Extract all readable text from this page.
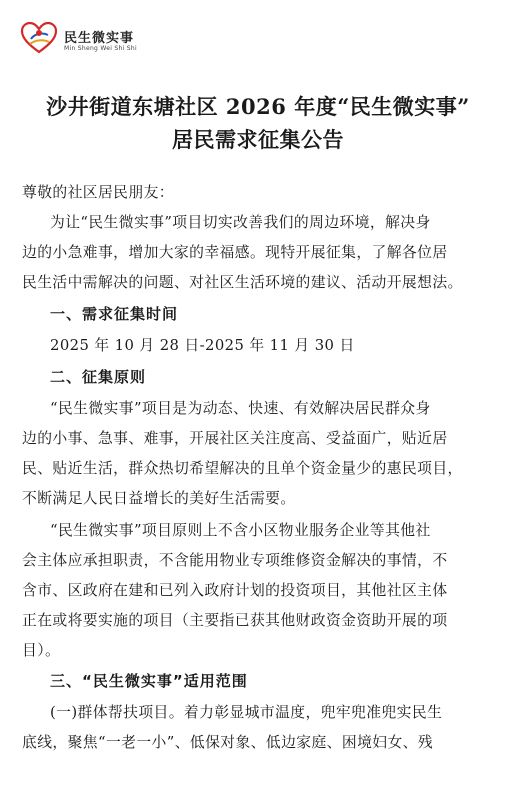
民生微实事
Min Sheng Wei Shi Shi
沙井街道东塘社区 2026 年度“民生微实事”
居民需求征集公告
尊敬的社区居民朋友：
为让“民生微实事”项目切实改善我们的周边环境，解决身
边的小急难事，增加大家的幸福感。现特开展征集，了解各位居
民生活中需解决的问题、对社区生活环境的建议、活动开展想法。
一、需求征集时间
2025 年 10 月 28 日-2025 年 11 月 30 日
二、征集原则
“民生微实事”项目是为动态、快速、有效解决居民群众身
边的小事、急事、难事，开展社区关注度高、受益面广，贴近居
民、贴近生活，群众热切希望解决的且单个资金量少的惠民项目，
不断满足人民日益增长的美好生活需要。
“民生微实事”项目原则上不含小区物业服务企业等其他社
会主体应承担职责，不含能用物业专项维修资金解决的事情，不
含市、区政府在建和已列入政府计划的投资项目，其他社区主体
正在或将要实施的项目（主要指已获其他财政资金资助开展的项
目）。
三、“民生微实事”适用范围
(一)群体帮扶项目。着力彰显城市温度，兜牢兜准兜实民生
底线，聚焦“一老一小”、低保对象、低边家庭、困境妇女、残
